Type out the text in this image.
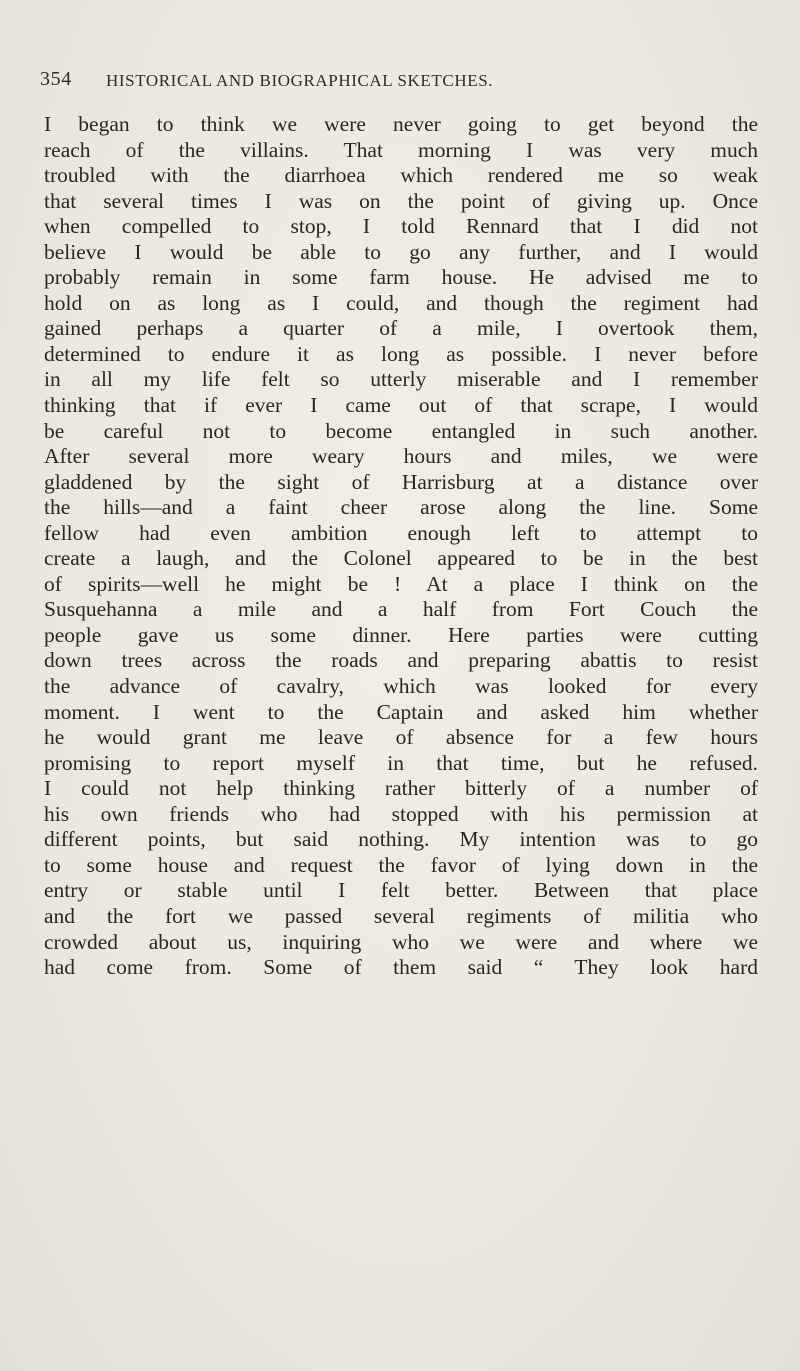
354 HISTORICAL AND BIOGRAPHICAL SKETCHES.
I began to think we were never going to get beyond the
reach of the villains. That morning I was very much
troubled with the diarrhoea which rendered me so weak
that several times I was on the point of giving up. Once
when compelled to stop, I told Rennard that I did not
believe I would be able to go any further, and I would
probably remain in some farm house. He advised me to
hold on as long as I could, and though the regiment had
gained perhaps a quarter of a mile, I overtook them,
determined to endure it as long as possible. I never before
in all my life felt so utterly miserable and I remember
thinking that if ever I came out of that scrape, I would
be careful not to become entangled in such another.
After several more weary hours and miles, we were
gladdened by the sight of Harrisburg at a distance over
the hills—and a faint cheer arose along the line. Some
fellow had even ambition enough left to attempt to
create a laugh, and the Colonel appeared to be in the best
of spirits—well he might be ! At a place I think on the
Susquehanna a mile and a half from Fort Couch the
people gave us some dinner. Here parties were cutting
down trees across the roads and preparing abattis to resist
the advance of cavalry, which was looked for every
moment. I went to the Captain and asked him whether
he would grant me leave of absence for a few hours
promising to report myself in that time, but he refused.
I could not help thinking rather bitterly of a number of
his own friends who had stopped with his permission at
different points, but said nothing. My intention was to go
to some house and request the favor of lying down in the
entry or stable until I felt better. Between that place
and the fort we passed several regiments of militia who
crowded about us, inquiring who we were and where we
had come from. Some of them said “ They look hard
